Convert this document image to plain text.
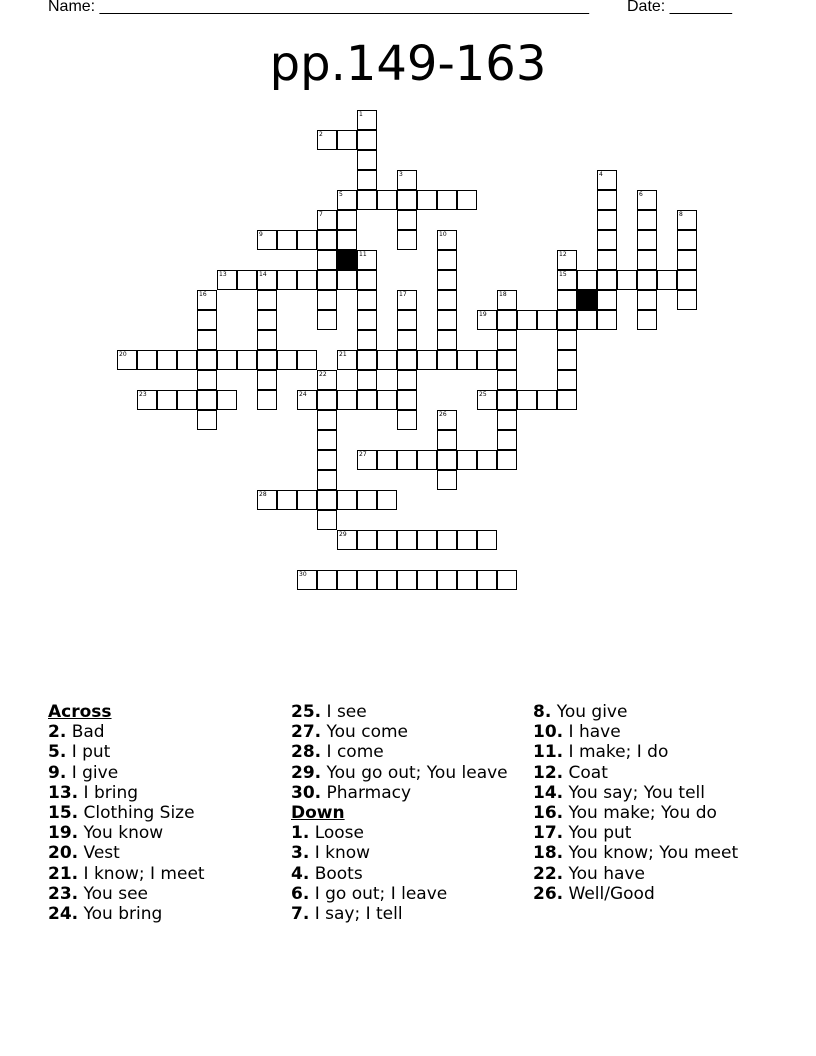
Name: _______________________________________________________ Date: _______
pp.149-163
1
2
3	4
5	6
7	8
9	10
11	12
13	14	15
16	17	18
19
20	21
22
23	24	25
26
27
28
29
30
Across
2. Bad
5. I put
9. I give
13. I bring
15. Clothing Size
19. You know
20. Vest
21. I know; I meet
23. You see
24. You bring
25. I see
27. You come
28. I come
29. You go out; You leave
30. Pharmacy
Down
1. Loose
3. I know
4. Boots
6. I go out; I leave
7. I say; I tell
8. You give
10. I have
11. I make; I do
12. Coat
14. You say; You tell
16. You make; You do
17. You put
18. You know; You meet
22. You have
26. Well/Good
